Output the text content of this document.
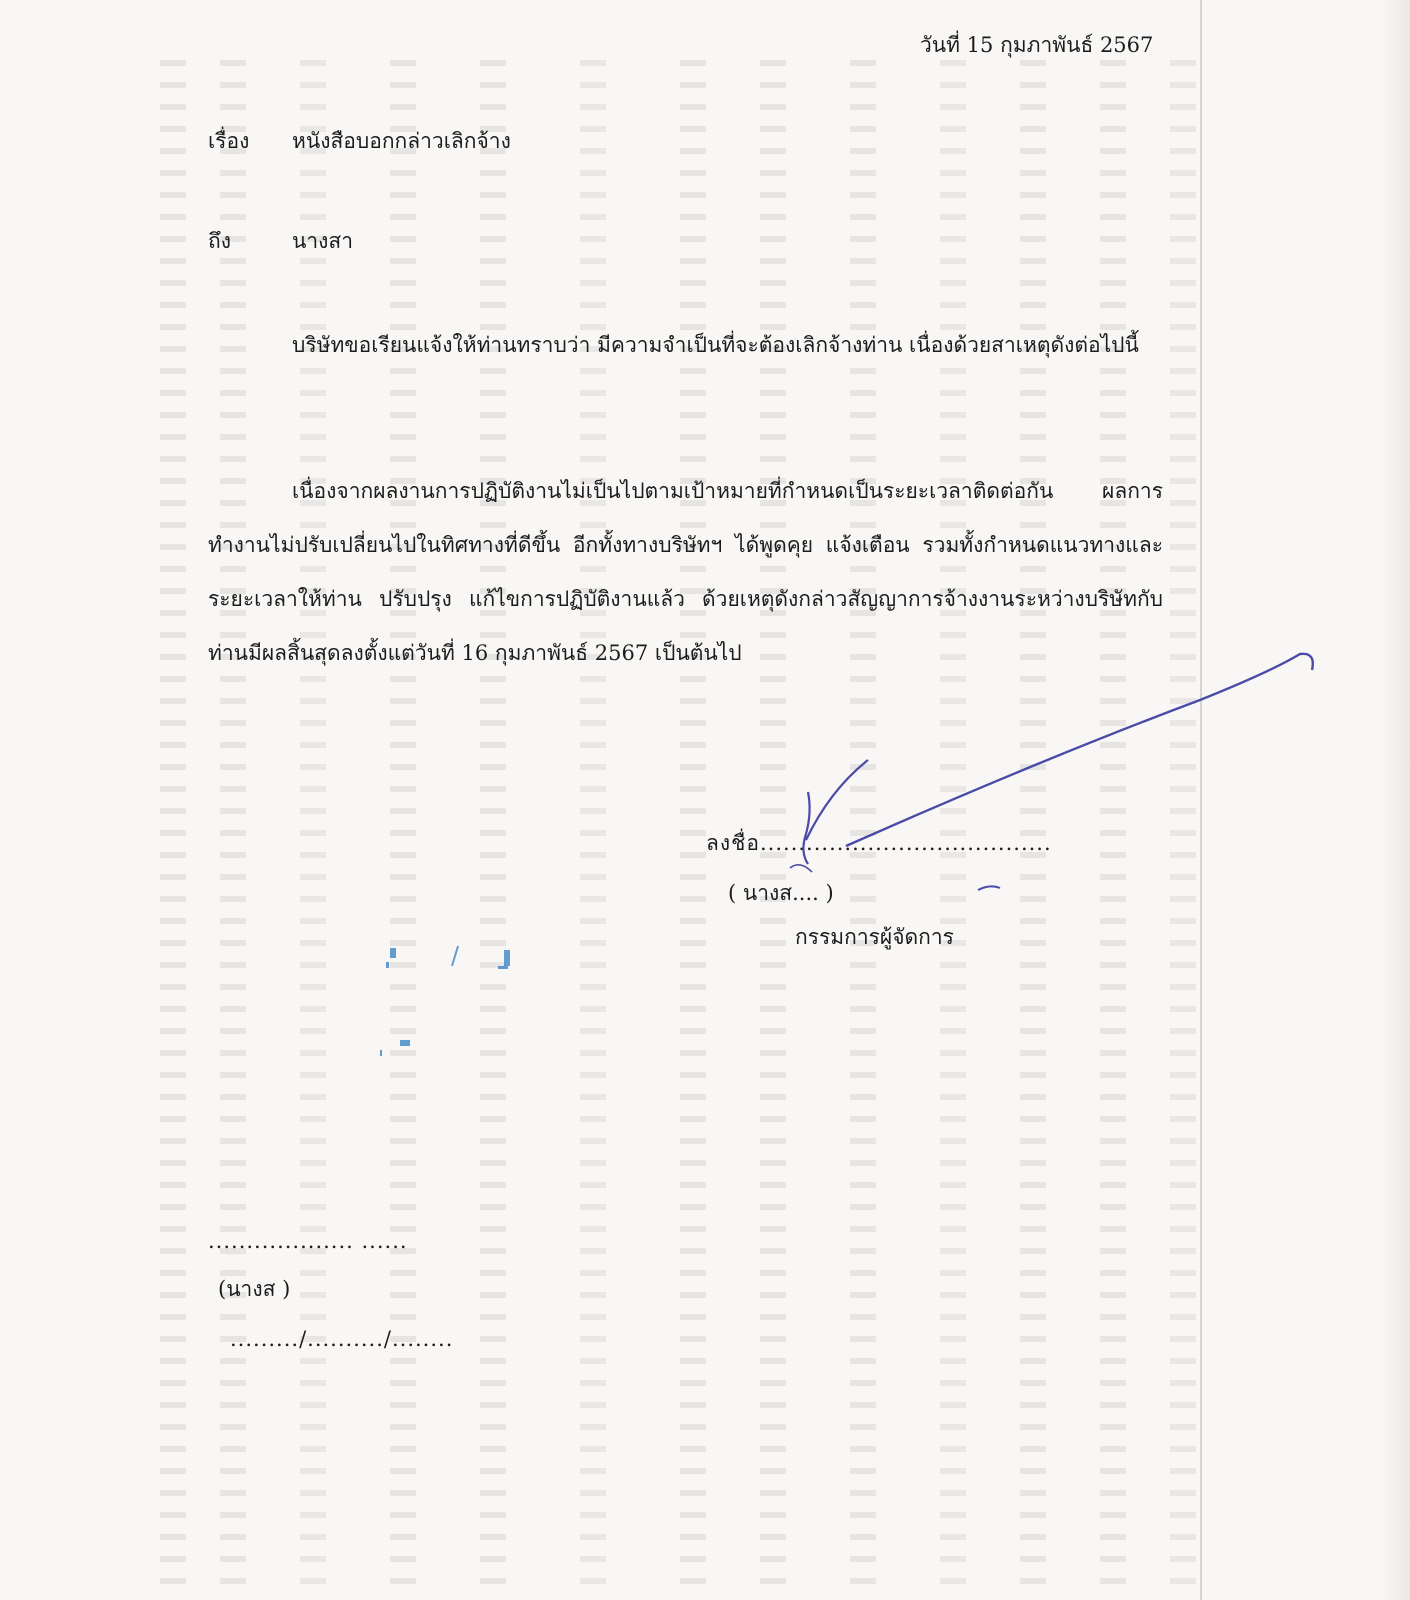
วันที่ 15 กุมภาพันธ์ 2567
เรื่อง หนังสือบอกกล่าวเลิกจ้าง
ถึง	นางสา
บริษัทขอเรียนแจ้งให้ท่านทราบว่า มีความจำเป็นที่จะต้องเลิกจ้างท่าน เนื่องด้วยสาเหตุดังต่อไปนี้
เนื่องจากผลงานการปฏิบัติงานไม่เป็นไปตามเป้าหมายที่กำหนดเป็นระยะเวลาติดต่อกัน ผลการทำงานไม่ปรับเปลี่ยนไปในทิศทางที่ดีขึ้น อีกทั้งทางบริษัทฯ ได้พูดคุย แจ้งเตือน รวมทั้งกำหนดแนวทางและระยะเวลาให้ท่าน ปรับปรุง แก้ไขการปฏิบัติงานแล้ว ด้วยเหตุดังกล่าวสัญญาการจ้างงานระหว่างบริษัทกับท่านมีผลสิ้นสุดลงตั้งแต่วันที่ 16 กุมภาพันธ์ 2567 เป็นต้นไป
ลงชื่อ......................................
( นางส.... )
กรรมการผู้จัดการ
................... ......
(นางส )
........./........../........
